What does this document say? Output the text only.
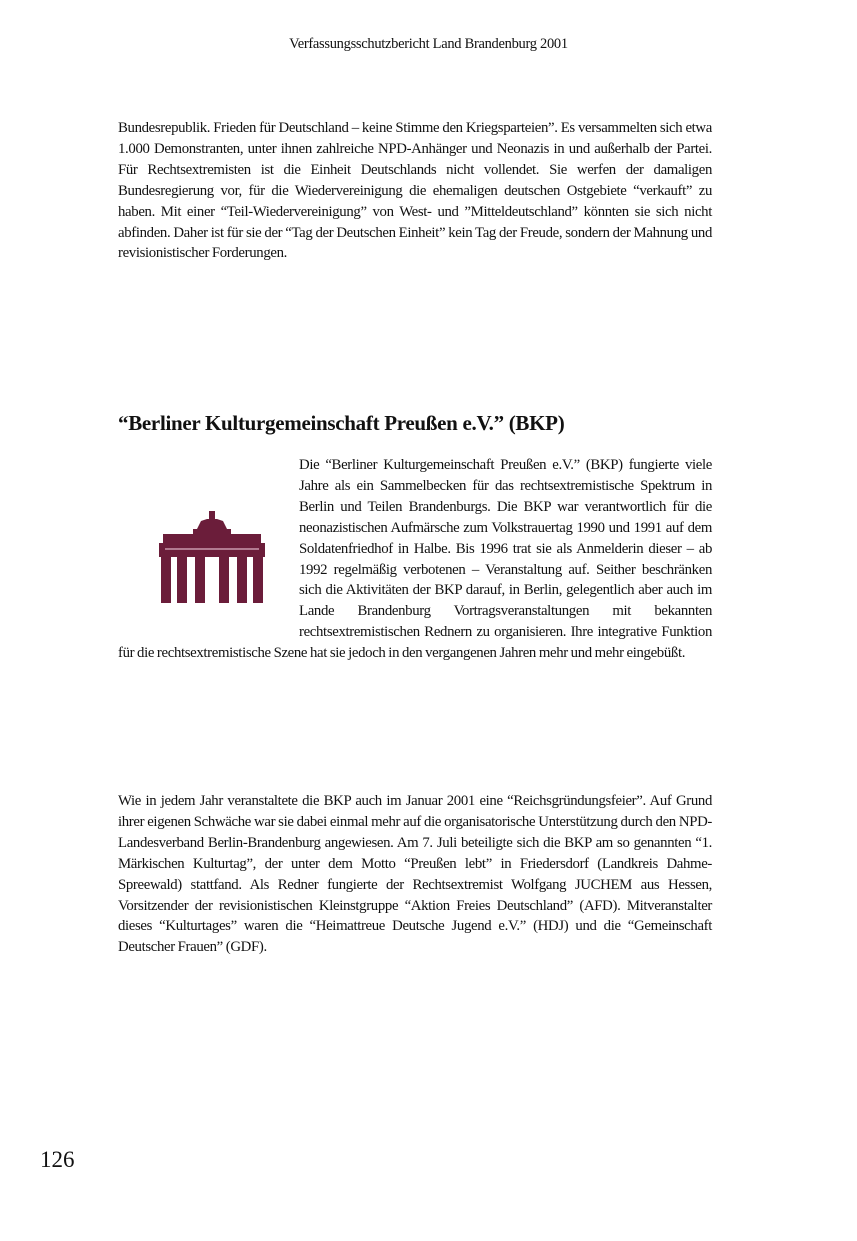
Verfassungsschutzbericht Land Brandenburg 2001

Bundesrepublik. Frieden für Deutschland – keine Stimme den Kriegsparteien”. Es versammelten sich etwa 1.000 Demonstranten, unter ihnen zahlreiche NPD-Anhänger und Neonazis in und außerhalb der Partei. Für Rechtsextremisten ist die Einheit Deutschlands nicht vollendet. Sie werfen der damaligen Bundesregierung vor, für die Wiedervereinigung die ehemaligen deutschen Ostgebiete “verkauft” zu haben. Mit einer “Teil-Wiedervereinigung” von West- und ”Mitteldeutschland” könnten sie sich nicht abfinden. Daher ist für sie der “Tag der Deutschen Einheit” kein Tag der Freude, sondern der Mahnung und revisionistischer Forderungen.

“Berliner Kulturgemeinschaft Preußen e.V.” (BKP)
Die “Berliner Kulturgemeinschaft Preußen e.V.” (BKP) fungierte viele Jahre als ein Sammelbecken für das rechtsextremistische Spektrum in Berlin und Teilen Brandenburgs. Die BKP war verantwortlich für die neonazistischen Aufmärsche zum Volkstrauertag 1990 und 1991 auf dem Soldatenfriedhof in Halbe. Bis 1996 trat sie als Anmelderin dieser – ab 1992 regelmäßig verbotenen – Veranstaltung auf. Seither beschränken sich die Aktivitäten der BKP darauf, in Berlin, gelegentlich aber auch im Lande Brandenburg Vortragsveranstaltungen mit bekannten rechtsextremistischen Rednern zu organisieren. Ihre integrative Funktion für die rechtsextremistische Szene hat sie jedoch in den vergangenen Jahren mehr und mehr eingebüßt.

Wie in jedem Jahr veranstaltete die BKP auch im Januar 2001 eine “Reichsgründungsfeier”. Auf Grund ihrer eigenen Schwäche war sie dabei einmal mehr auf die organisatorische Unterstützung durch den NPD-Landesverband Berlin-Brandenburg angewiesen. Am 7. Juli beteiligte sich die BKP am so genannten “1. Märkischen Kulturtag”, der unter dem Motto “Preußen lebt” in Friedersdorf (Landkreis Dahme-Spreewald) stattfand. Als Redner fungierte der Rechtsextremist Wolfgang JUCHEM aus Hessen, Vorsitzender der revisionistischen Kleinstgruppe “Aktion Freies Deutschland” (AFD). Mitveranstalter dieses “Kulturtages” waren die “Heimattreue Deutsche Jugend e.V.” (HDJ) und die “Gemeinschaft Deutscher Frauen” (GDF).

126
